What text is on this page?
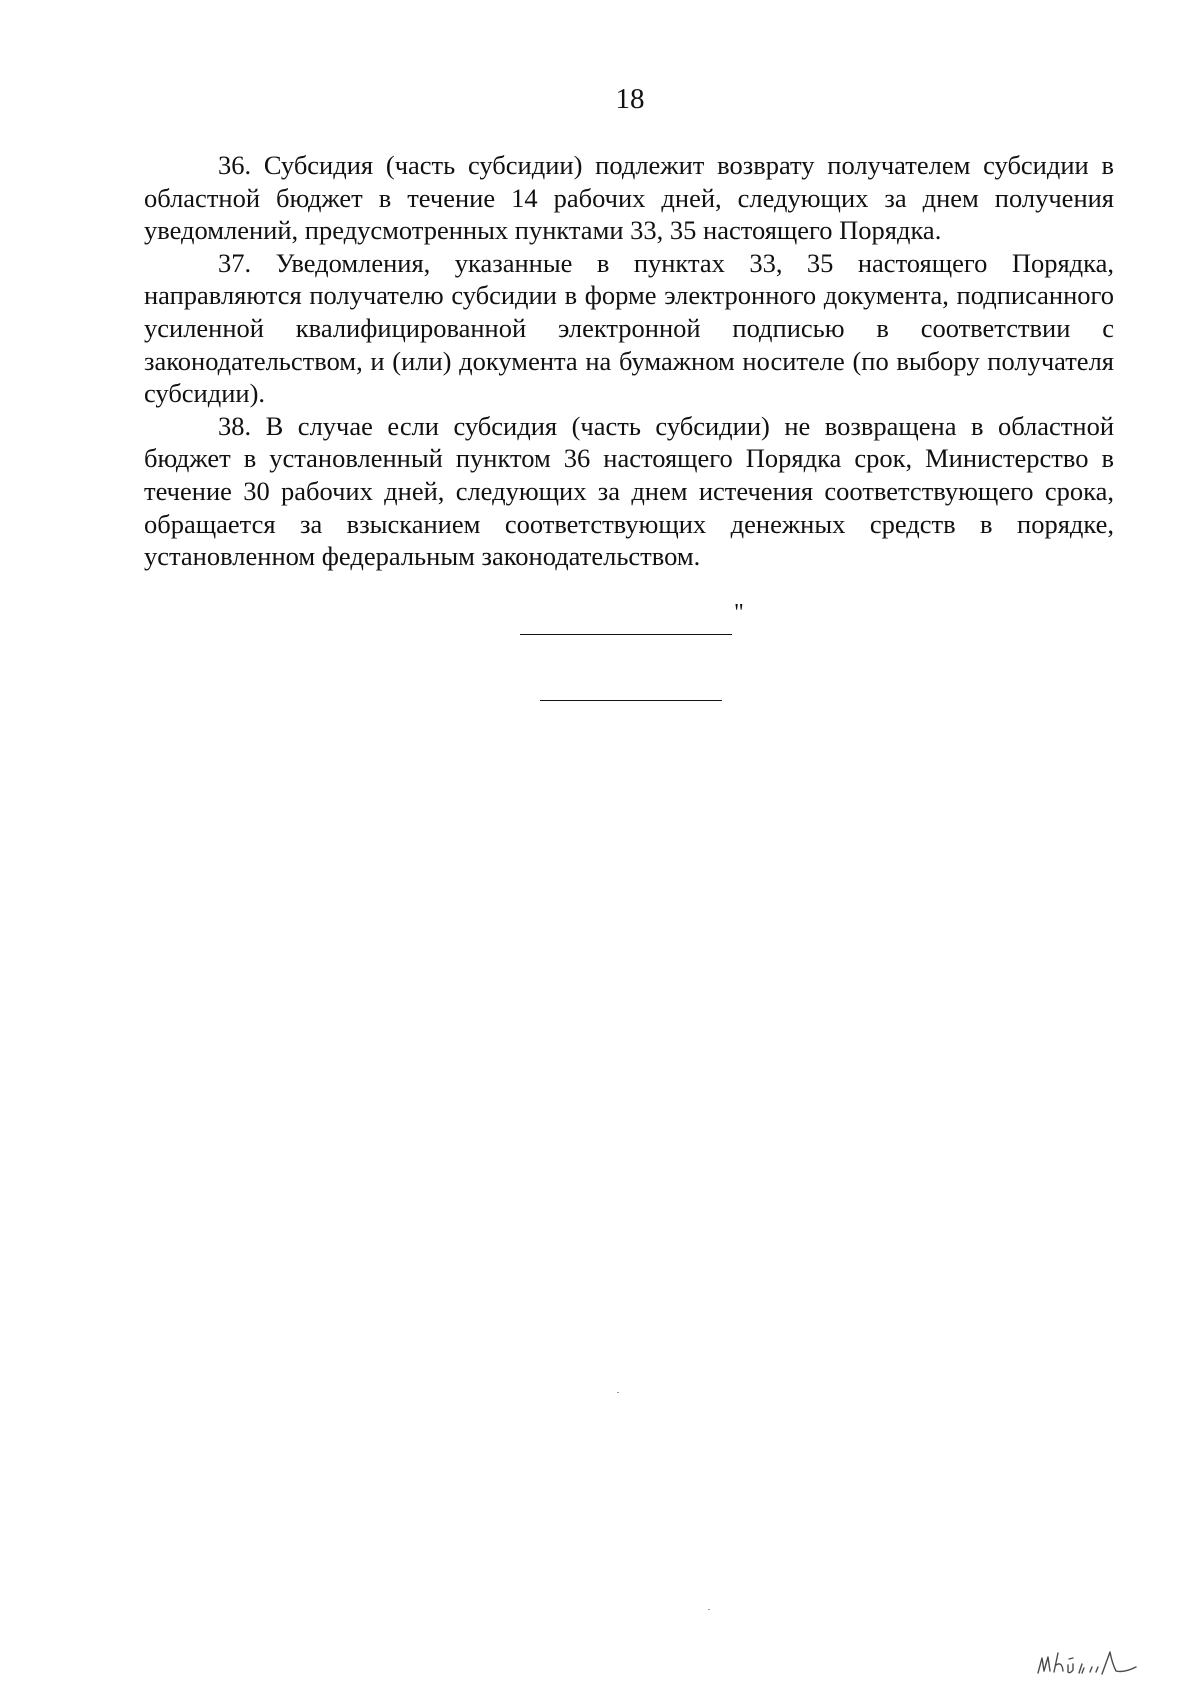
18

36. Субсидия (часть субсидии) подлежит возврату получателем субсидии в областной бюджет в течение 14 рабочих дней, следующих за днем получения уведомлений, предусмотренных пунктами 33, 35 настоящего Порядка.

37. Уведомления, указанные в пунктах 33, 35 настоящего Порядка, направляются получателю субсидии в форме электронного документа, подписанного усиленной квалифицированной электронной подписью в соответствии с законодательством, и (или) документа на бумажном носителе (по выбору получателя субсидии).

38. В случае если субсидия (часть субсидии) не возвращена в областной бюджет в установленный пунктом 36 настоящего Порядка срок, Министерство в течение 30 рабочих дней, следующих за днем истечения соответствующего срока, обращается за взысканием соответствующих денежных средств в порядке, установленном федеральным законодательством.

"
